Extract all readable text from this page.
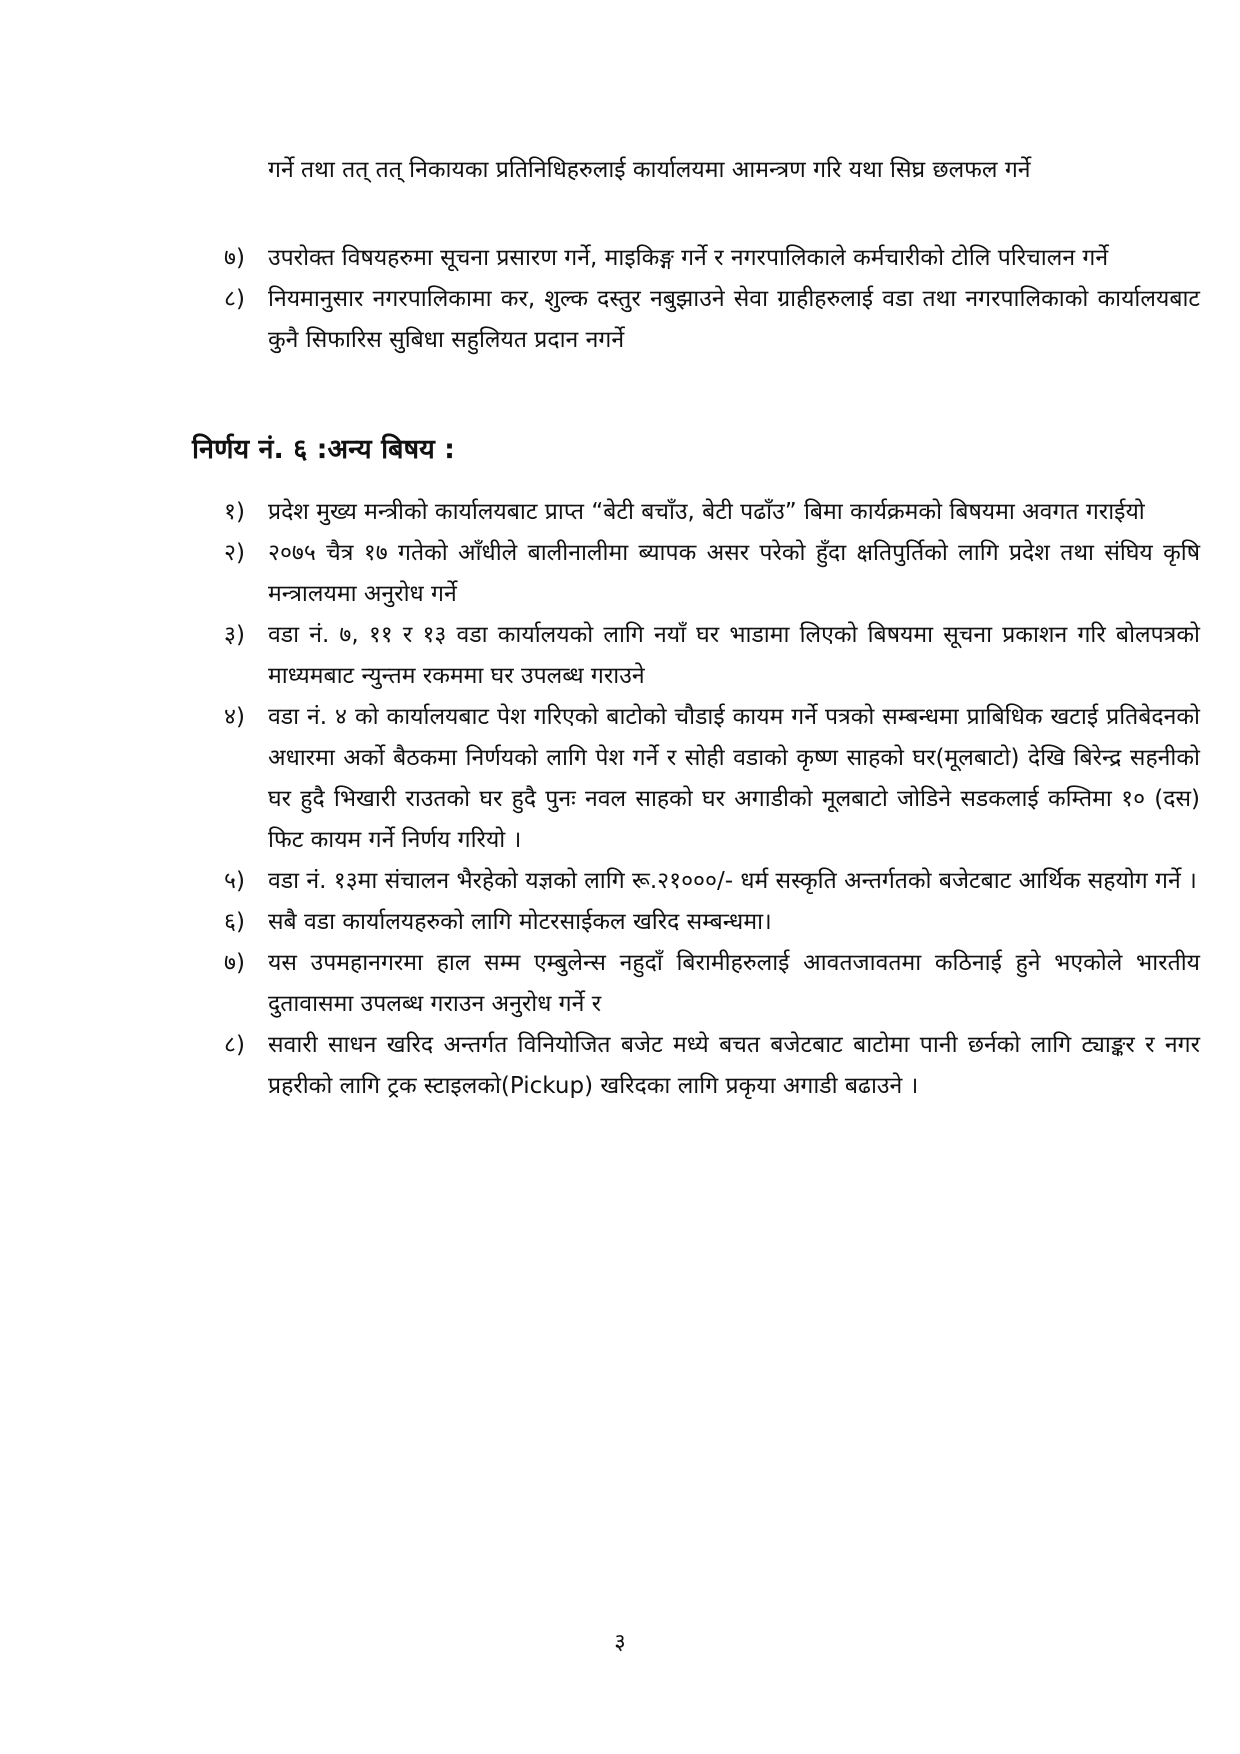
गर्ने तथा तत् तत् निकायका प्रतिनिधिहरुलाई कार्यालयमा आमन्त्रण गरि यथा सिघ्र छलफल गर्ने

७)	उपरोक्त विषयहरुमा सूचना प्रसारण गर्ने, माइकिङ्ग गर्ने र नगरपालिकाले कर्मचारीको टोलि परिचालन गर्ने
८)	नियमानुसार नगरपालिकामा कर, शुल्क दस्तुर नबुझाउने सेवा ग्राहीहरुलाई वडा तथा नगरपालिकाको कार्यालयबाट कुनै सिफारिस सुबिधा सहुलियत प्रदान नगर्ने
निर्णय नं. ६ :अन्य बिषय :
१)	प्रदेश मुख्य मन्त्रीको कार्यालयबाट प्राप्त “बेटी बचाँउ, बेटी पढाँउ” बिमा कार्यक्रमको बिषयमा अवगत गराईयो
२)	२०७५ चैत्र १७ गतेको आँधीले बालीनालीमा ब्यापक असर परेको हुँदा क्षतिपुर्तिको लागि प्रदेश तथा संघिय कृषि मन्त्रालयमा अनुरोध गर्ने
३)	वडा नं. ७, ११ र १३ वडा कार्यालयको लागि नयाँ घर भाडामा लिएको बिषयमा सूचना प्रकाशन गरि बोलपत्रको माध्यमबाट न्युन्तम रकममा घर उपलब्ध गराउने
४)	वडा नं. ४ को कार्यालयबाट पेश गरिएको बाटोको चौडाई कायम गर्ने पत्रको सम्बन्धमा प्राबिधिक खटाई प्रतिबेदनको अधारमा अर्को बैठकमा निर्णयको लागि पेश गर्ने र सोही वडाको कृष्ण साहको घर(मूलबाटो) देखि बिरेन्द्र सहनीको घर हुदै भिखारी राउतको घर हुदै पुनः नवल साहको घर अगाडीको मूलबाटो जोडिने सडकलाई कम्तिमा १० (दस) फिट कायम गर्ने निर्णय गरियो ।
५)	वडा नं. १३मा संचालन भैरहेको यज्ञको लागि रू.२१०००/- धर्म सस्कृति अन्तर्गतको बजेटबाट आर्थिक सहयोग गर्ने ।
६)	सबै वडा कार्यालयहरुको लागि मोटरसाईकल खरिद सम्बन्धमा।
७)	यस उपमहानगरमा हाल सम्म एम्बुलेन्स नहुदाँ बिरामीहरुलाई आवतजावतमा कठिनाई हुने भएकोले भारतीय दुतावासमा उपलब्ध गराउन अनुरोध गर्ने र
८)	सवारी साधन खरिद अन्तर्गत विनियोजित बजेट मध्ये बचत बजेटबाट बाटोमा पानी छर्नको लागि ट्याङ्कर र नगर प्रहरीको लागि ट्रक स्टाइलको(Pickup) खरिदका लागि प्रकृया अगाडी बढाउने ।
३
